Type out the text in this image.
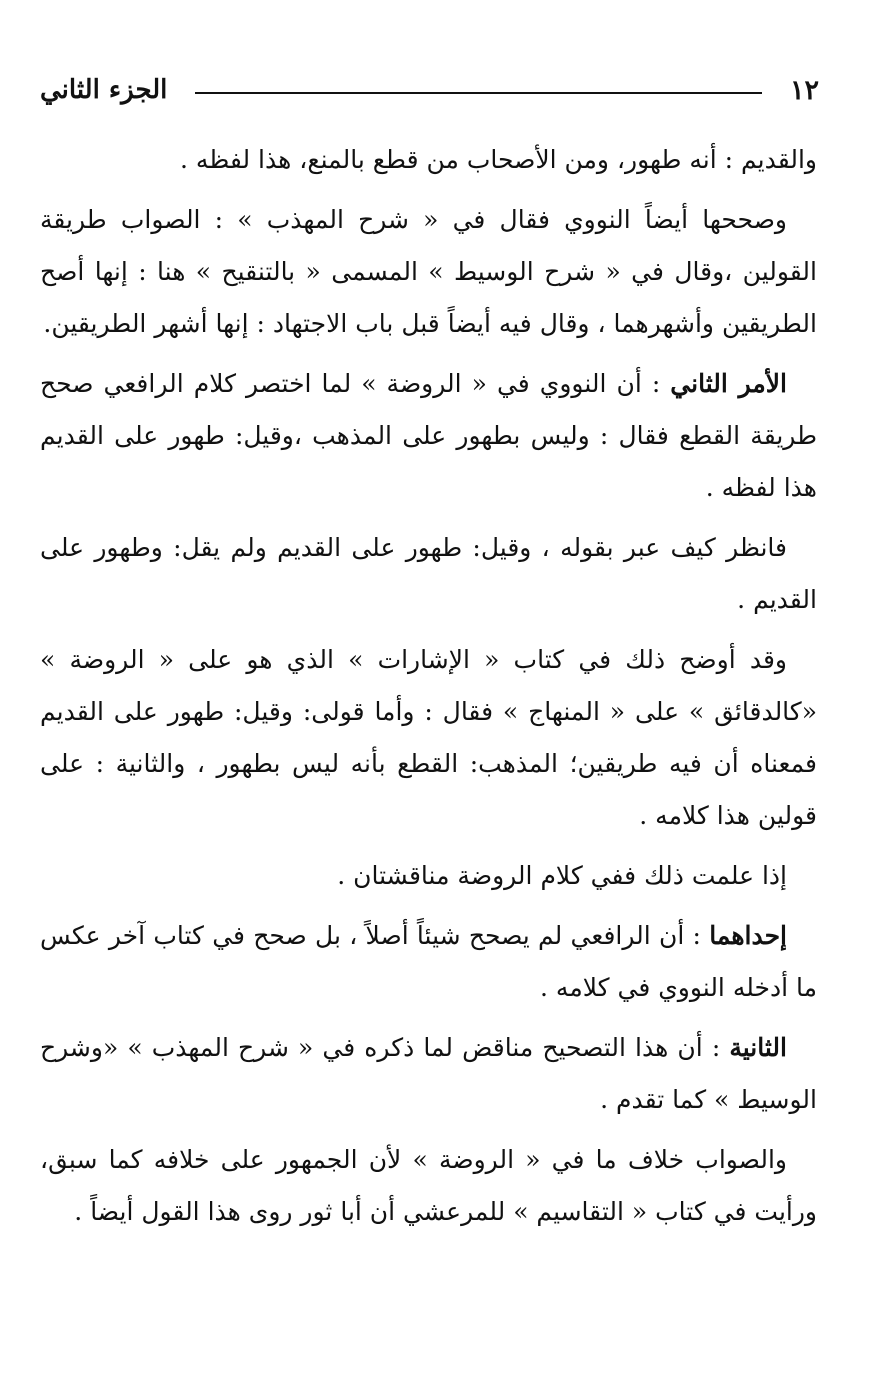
١٢
الجزء الثاني

والقديم : أنه طهور، ومن الأصحاب من قطع بالمنع، هذا لفظه .

وصححها أيضاً النووي فقال في « شرح المهذب » : الصواب طريقة القولين ،وقال في « شرح الوسيط » المسمى « بالتنقيح » هنا : إنها أصح الطريقين وأشهرهما ، وقال فيه أيضاً قبل باب الاجتهاد : إنها أشهر الطريقين.

الأمر الثاني : أن النووي في « الروضة » لما اختصر كلام الرافعي صحح طريقة القطع فقال : وليس بطهور على المذهب ،وقيل: طهور على القديم هذا لفظه .

فانظر كيف عبر بقوله ، وقيل: طهور على القديم ولم يقل: وطهور على القديم .

وقد أوضح ذلك في كتاب « الإشارات » الذي هو على « الروضة » «كالدقائق » على « المنهاج » فقال : وأما قولى: وقيل: طهور على القديم فمعناه أن فيه طريقين؛ المذهب: القطع بأنه ليس بطهور ، والثانية : على قولين هذا كلامه .

إذا علمت ذلك ففي كلام الروضة مناقشتان .

إحداهما : أن الرافعي لم يصحح شيئاً أصلاً ، بل صحح في كتاب آخر عكس ما أدخله النووي في كلامه .

الثانية : أن هذا التصحيح مناقض لما ذكره في « شرح المهذب » «وشرح الوسيط » كما تقدم .

والصواب خلاف ما في « الروضة » لأن الجمهور على خلافه كما سبق، ورأيت في كتاب « التقاسيم » للمرعشي أن أبا ثور روى هذا القول أيضاً .
